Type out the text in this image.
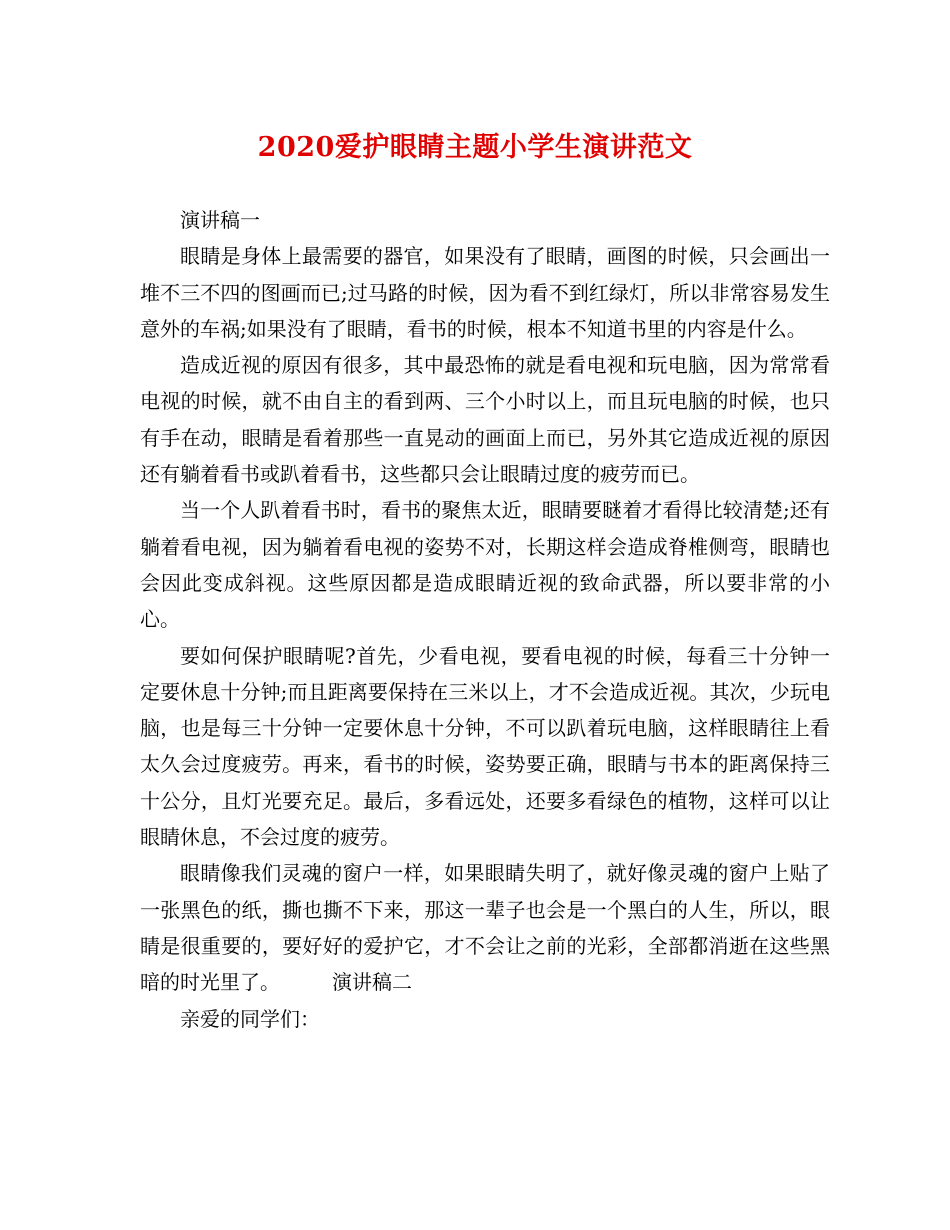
2020爱护眼睛主题小学生演讲范文

演讲稿一

眼睛是身体上最需要的器官，如果没有了眼睛，画图的时候，只会画出一堆不三不四的图画而已;过马路的时候，因为看不到红绿灯，所以非常容易发生意外的车祸;如果没有了眼睛，看书的时候，根本不知道书里的内容是什么。

造成近视的原因有很多，其中最恐怖的就是看电视和玩电脑，因为常常看电视的时候，就不由自主的看到两、三个小时以上，而且玩电脑的时候，也只有手在动，眼睛是看着那些一直晃动的画面上而已，另外其它造成近视的原因还有躺着看书或趴着看书，这些都只会让眼睛过度的疲劳而已。

当一个人趴着看书时，看书的聚焦太近，眼睛要瞇着才看得比较清楚;还有躺着看电视，因为躺着看电视的姿势不对，长期这样会造成脊椎侧弯，眼睛也会因此变成斜视。这些原因都是造成眼睛近视的致命武器，所以要非常的小心。

要如何保护眼睛呢?首先，少看电视，要看电视的时候，每看三十分钟一定要休息十分钟;而且距离要保持在三米以上，才不会造成近视。其次，少玩电脑，也是每三十分钟一定要休息十分钟，不可以趴着玩电脑，这样眼睛往上看太久会过度疲劳。再来，看书的时候，姿势要正确，眼睛与书本的距离保持三十公分，且灯光要充足。最后，多看远处，还要多看绿色的植物，这样可以让眼睛休息，不会过度的疲劳。

眼睛像我们灵魂的窗户一样，如果眼睛失明了，就好像灵魂的窗户上贴了一张黑色的纸，撕也撕不下来，那这一辈子也会是一个黑白的人生，所以，眼睛是很重要的，要好好的爱护它，才不会让之前的光彩，全部都消逝在这些黑暗的时光里了。	演讲稿二

亲爱的同学们：
